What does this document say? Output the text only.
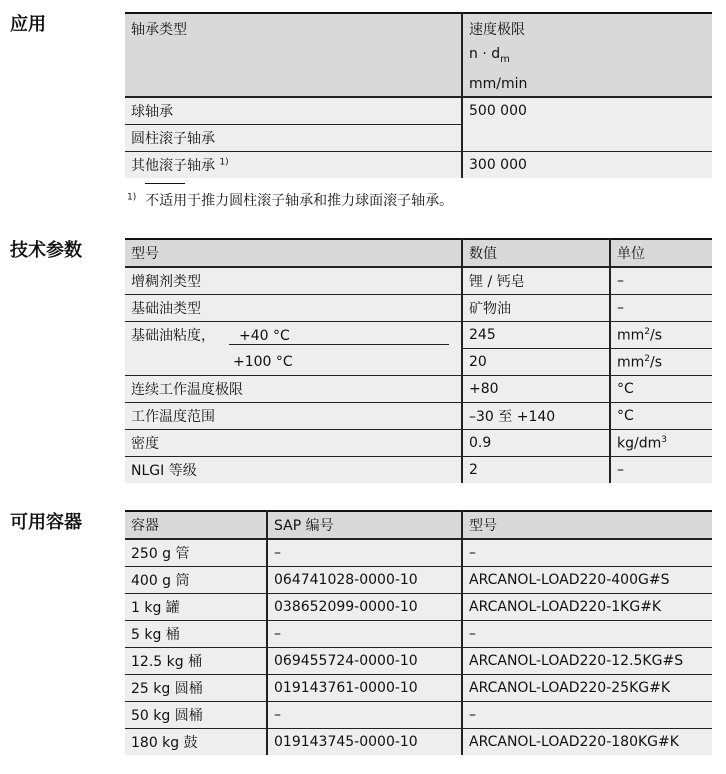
应用	轴承类型	速度极限
$n \cdot d_m$
mm/min

球轴承	500 000
圆柱滚子轴承	
其他滚子轴承 $^{1)}$	300 000
$^{1)}$ 不适用于推力圆柱滚子轴承和推力球面滚子轴承。
技术参数	型号	数值	单位
增稠剂类型	锂 / 钙皂	–
基础油类型	矿物油	–
基础油粘度， +40 °C	245	$mm^2/s$
+100 °C	20	$mm^2/s$
连续工作温度极限	+80	°C
工作温度范围	–30 至 +140	°C
密度	0.9	$kg/dm^3$
NLGI 等级	2	–
可用容器	容器	SAP 编号	型号
250 g 管	–	–
400 g 筒	064741028-0000-10	ARCANOL-LOAD220-400G#S
1 kg 罐	038652099-0000-10	ARCANOL-LOAD220-1KG#K
5 kg 桶	–	–
12.5 kg 桶	069455724-0000-10	ARCANOL-LOAD220-12.5KG#S
25 kg 圆桶	019143761-0000-10	ARCANOL-LOAD220-25KG#K
50 kg 圆桶	–	–
180 kg 鼓	019143745-0000-10	ARCANOL-LOAD220-180KG#K
